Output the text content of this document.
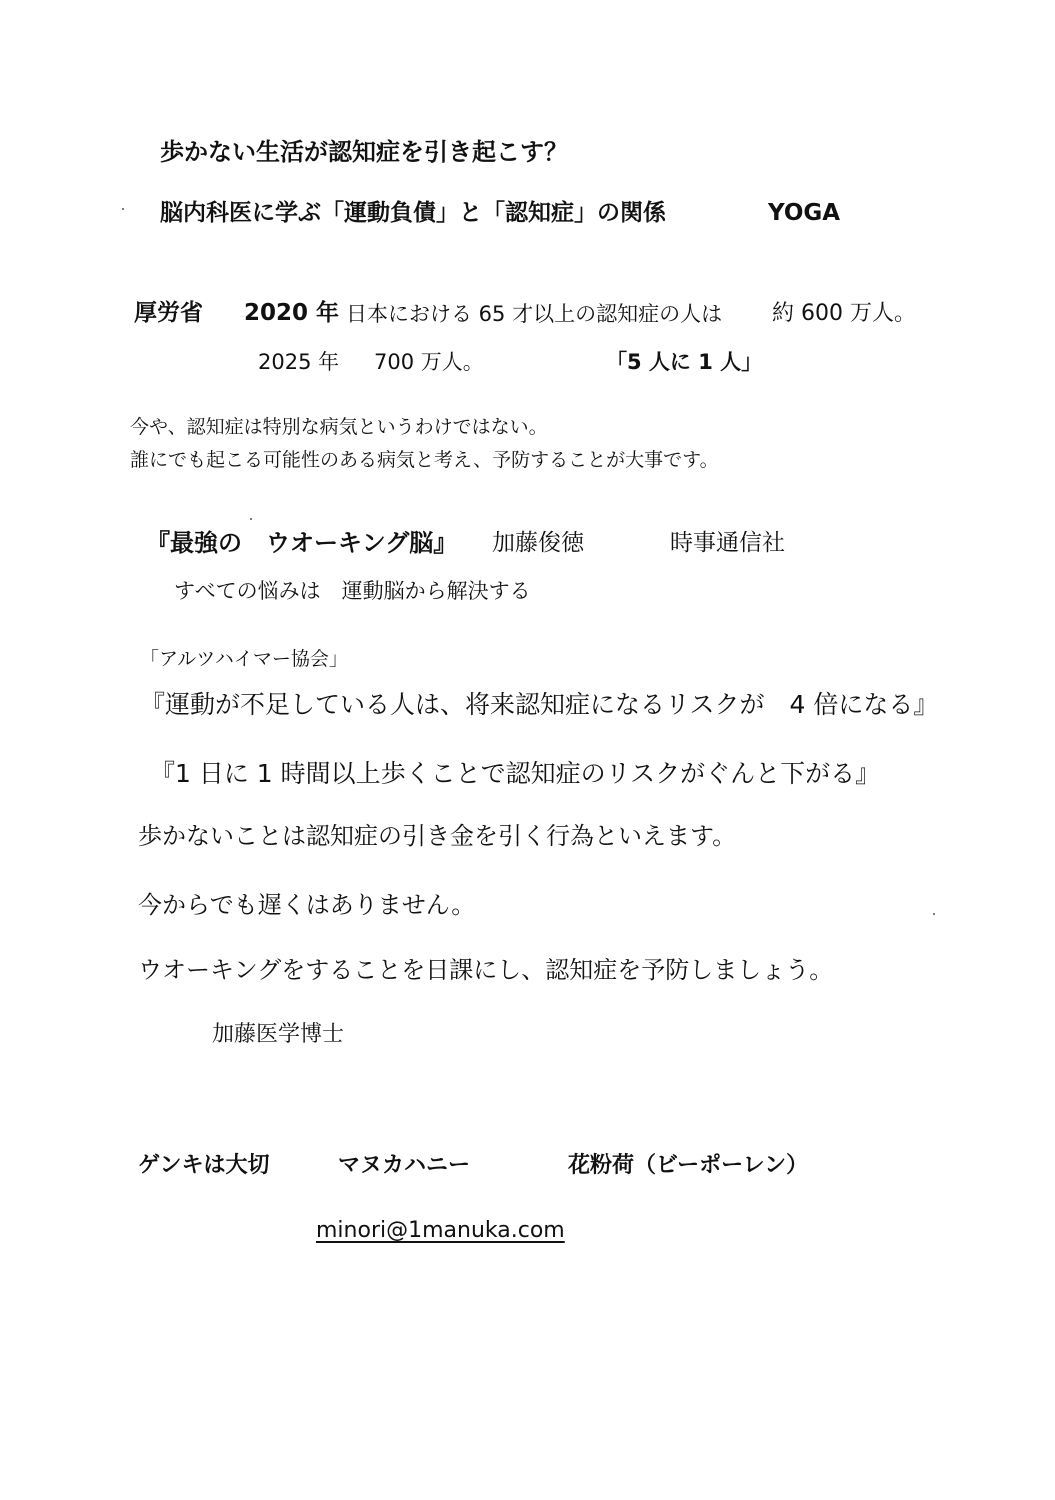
歩かない生活が認知症を引き起こす？
脳内科医に学ぶ「運動負債」と「認知症」の関係	YOGA
厚労省 2020 年 日本における 65 才以上の認知症の人は 約 600 万人。
2025 年 700 万人。	「5 人に 1 人」
今や、認知症は特別な病気というわけではない。
誰にでも起こる可能性のある病気と考え、予防することが大事です。
『最強の　ウオーキング脳』 加藤俊徳	時事通信社
すべての悩みは　運動脳から解決する
「アルツハイマー協会」
『運動が不足している人は、将来認知症になるリスクが　4 倍になる』
『1 日に 1 時間以上歩くことで認知症のリスクがぐんと下がる』
歩かないことは認知症の引き金を引く行為といえます。
今からでも遅くはありません。
ウオーキングをすることを日課にし、認知症を予防しましょう。
加藤医学博士
ゲンキは大切	マヌカハニー	花粉荷（ビーポーレン）
minori@1manuka.com
